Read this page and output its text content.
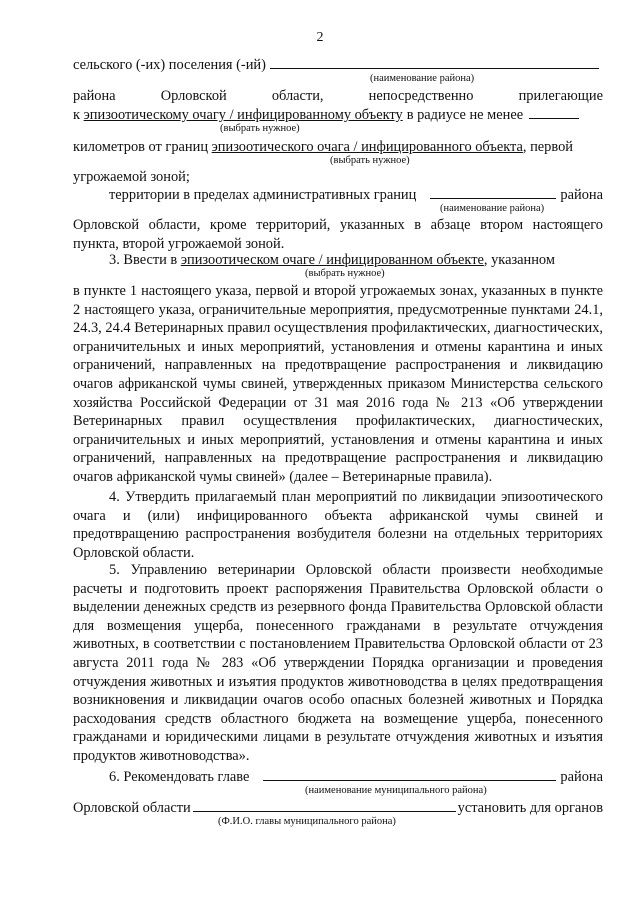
2
сельского (-их) поселения (-ий)
(наименование района)
района	Орловской	области,	непосредственно	прилегающие
к
эпизоотическому очагу / инфицированному объекту в радиусе не менее
(выбрать нужное)
километров от границ эпизоотического очага / инфицированного объекта, первой
(выбрать нужное)
угрожаемой зоной;
территории в пределах административных границ	района
(наименование района)
Орловской области, кроме территорий, указанных в абзаце втором настоящего пункта, второй угрожаемой зоной.
3. Ввести в эпизоотическом очаге / инфицированном объекте, указанном
(выбрать нужное)
в пункте 1 настоящего указа, первой и второй угрожаемых зонах, указанных в пункте 2 настоящего указа, ограничительные мероприятия, предусмотренные пунктами 24.1, 24.3, 24.4 Ветеринарных правил осуществления профилактических, диагностических, ограничительных и иных мероприятий, установления и отмены карантина и иных ограничений, направленных на предотвращение распространения и ликвидацию очагов африканской чумы свиней, утвержденных приказом Министерства сельского хозяйства Российской Федерации от 31 мая 2016 года № 213 «Об утверждении Ветеринарных правил осуществления профилактических, диагностических, ограничительных и иных мероприятий, установления и отмены карантина и иных ограничений, направленных на предотвращение распространения и ликвидацию очагов африканской чумы свиней» (далее – Ветеринарные правила).
4. Утвердить прилагаемый план мероприятий по ликвидации эпизоотического очага и (или) инфицированного объекта африканской чумы свиней и предотвращению распространения возбудителя болезни на отдельных территориях Орловской области.
5. Управлению ветеринарии Орловской области произвести необходимые расчеты и подготовить проект распоряжения Правительства Орловской области о выделении денежных средств из резервного фонда Правительства Орловской области для возмещения ущерба, понесенного гражданами в результате отчуждения животных, в соответствии с постановлением Правительства Орловской области от 23 августа 2011 года № 283 «Об утверждении Порядка организации и проведения отчуждения животных и изъятия продуктов животноводства в целях предотвращения возникновения и ликвидации очагов особо опасных болезней животных и Порядка расходования средств областного бюджета на возмещение ущерба, понесенного гражданами и юридическими лицами в результате отчуждения животных и изъятия продуктов животноводства».
6. Рекомендовать главе	района
(наименование муниципального района)
Орловской области	установить для органов
(Ф.И.О. главы муниципального района)
